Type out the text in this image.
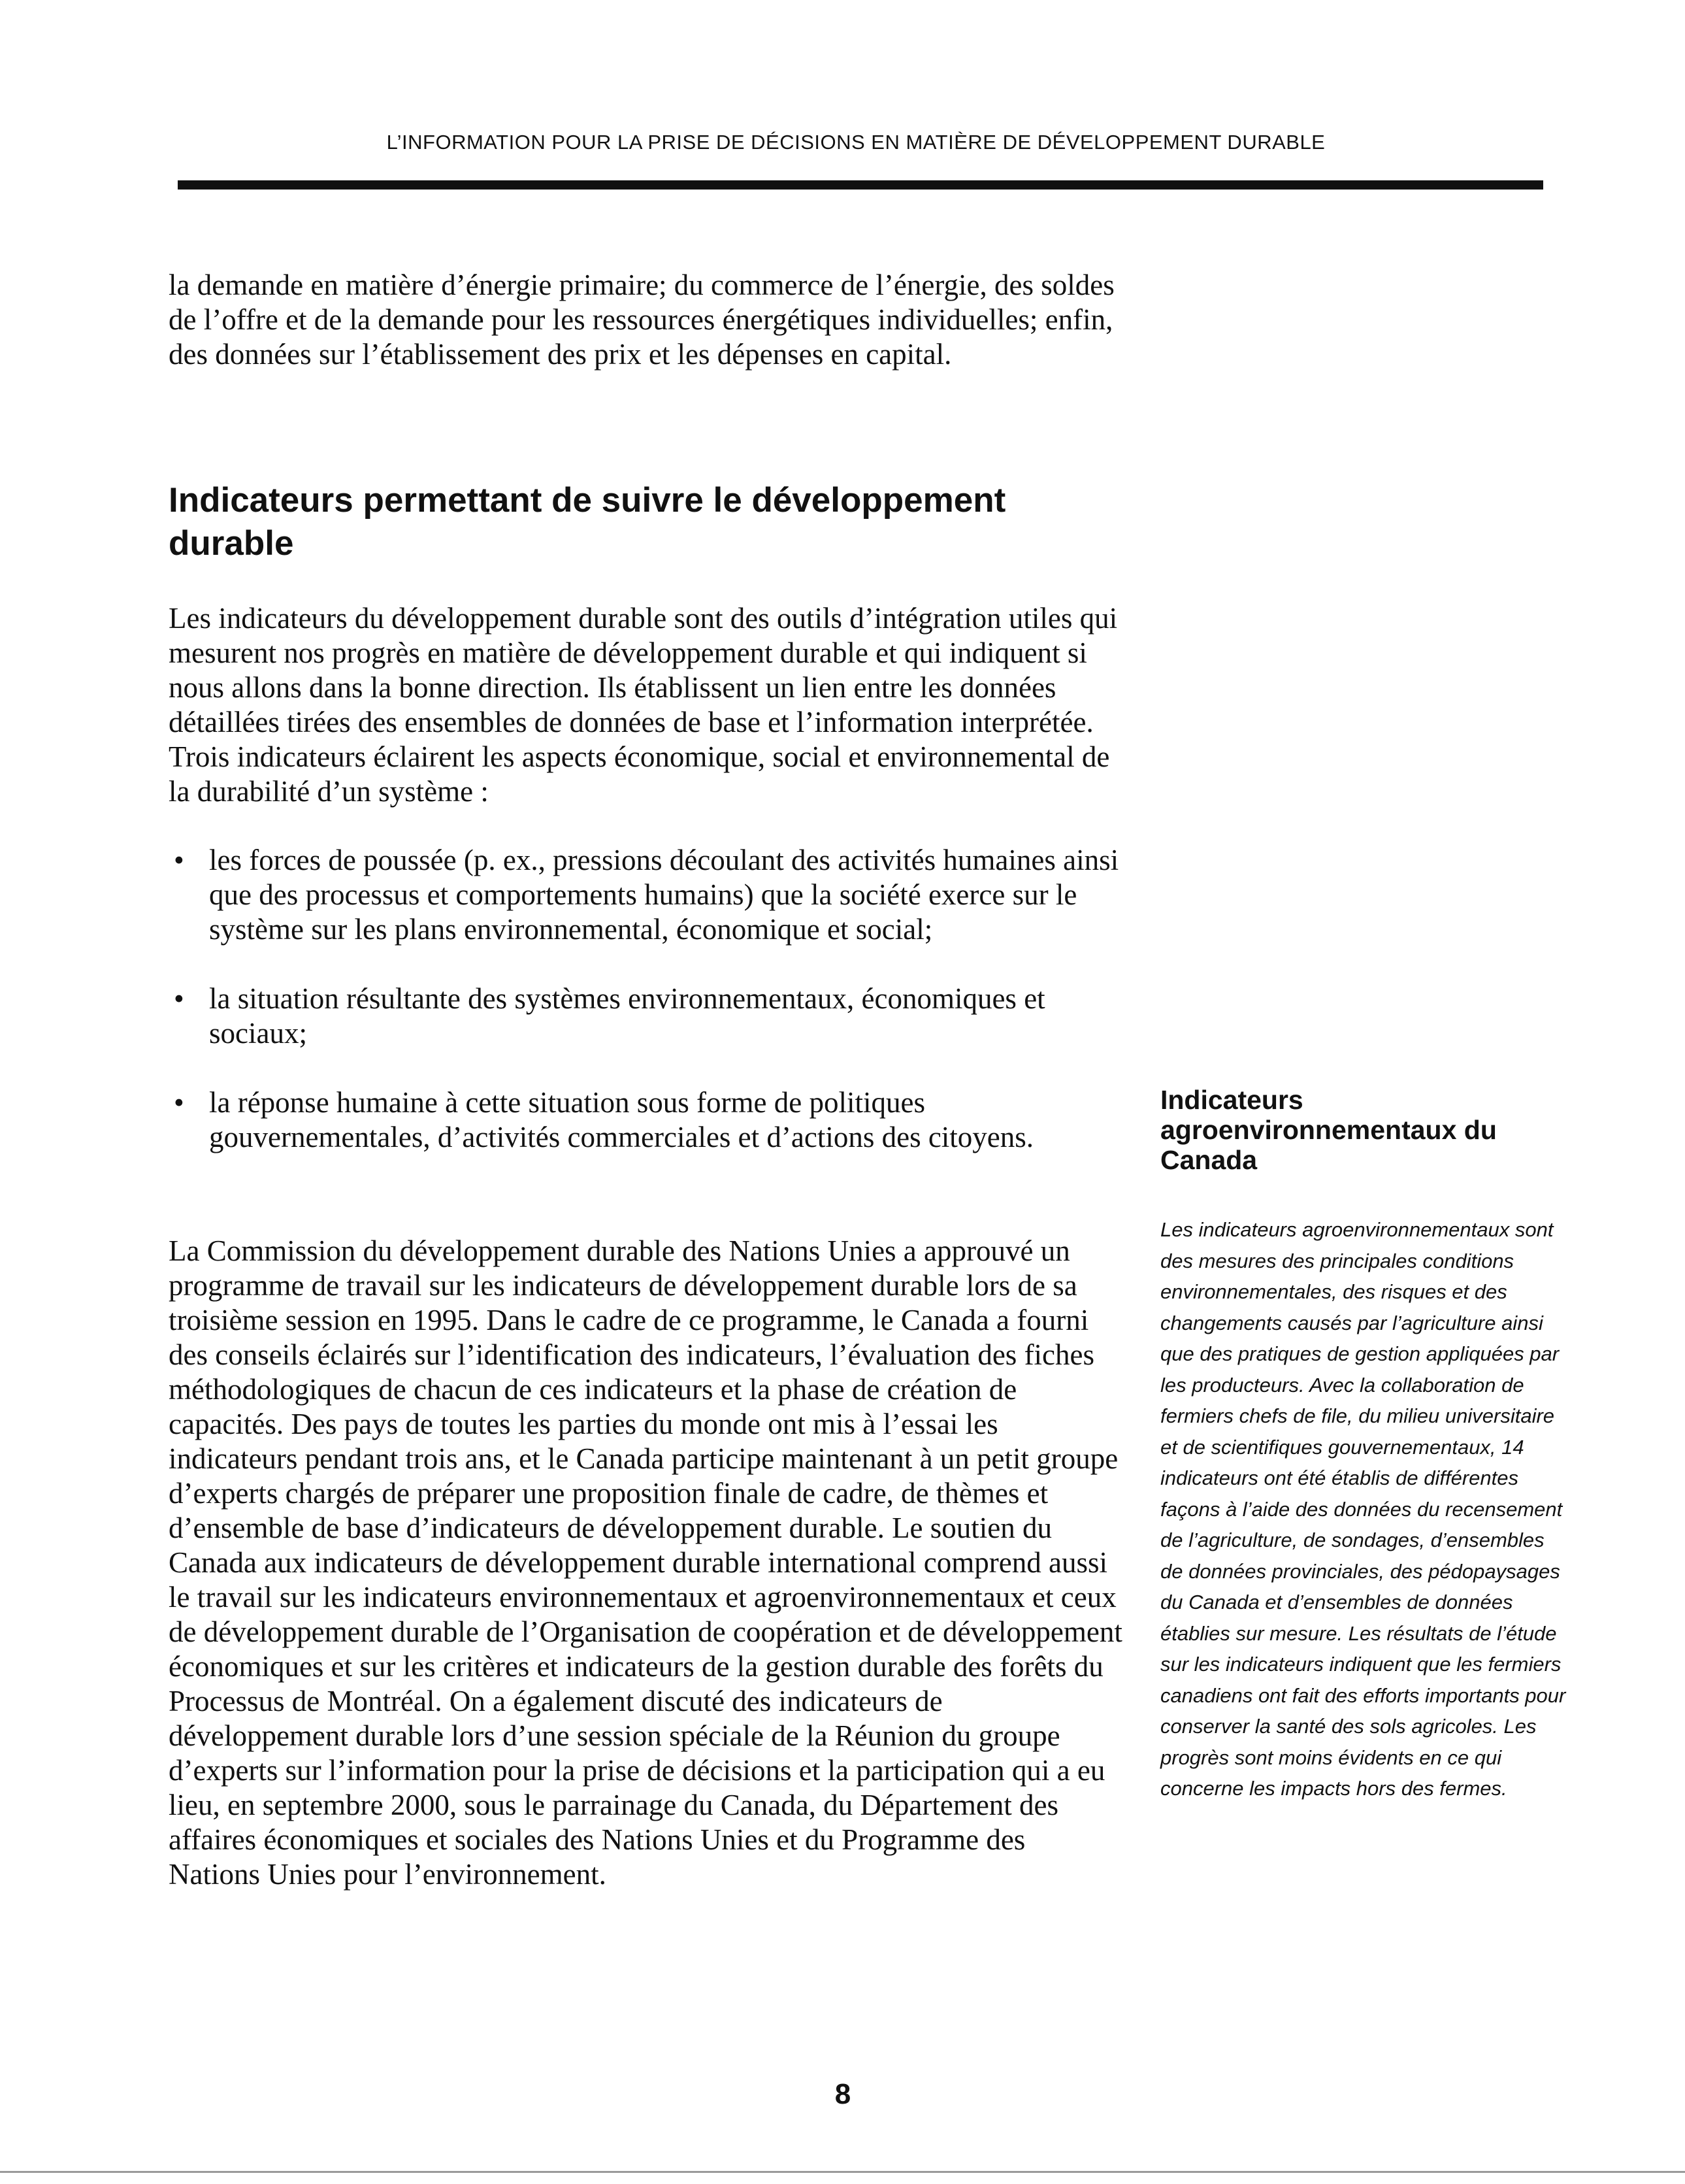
L’INFORMATION POUR LA PRISE DE DÉCISIONS EN MATIÈRE DE DÉVELOPPEMENT DURABLE

la demande en matière d’énergie primaire; du commerce de l’énergie, des soldes de l’offre et de la demande pour les ressources énergétiques individuelles; enfin, des données sur l’établissement des prix et les dépenses en capital.

Indicateurs permettant de suivre le développement durable

Les indicateurs du développement durable sont des outils d’intégration utiles qui mesurent nos progrès en matière de développement durable et qui indiquent si nous allons dans la bonne direction. Ils établissent un lien entre les données détaillées tirées des ensembles de données de base et l’information interprétée. Trois indicateurs éclairent les aspects économique, social et environnemental de la durabilité d’un système :

• les forces de poussée (p. ex., pressions découlant des activités humaines ainsi que des processus et comportements humains) que la société exerce sur le système sur les plans environnemental, économique et social;
• la situation résultante des systèmes environnementaux, économiques et sociaux;
• la réponse humaine à cette situation sous forme de politiques gouvernementales, d’activités commerciales et d’actions des citoyens.

La Commission du développement durable des Nations Unies a approuvé un programme de travail sur les indicateurs de développement durable lors de sa troisième session en 1995. Dans le cadre de ce programme, le Canada a fourni des conseils éclairés sur l’identification des indicateurs, l’évaluation des fiches méthodologiques de chacun de ces indicateurs et la phase de création de capacités. Des pays de toutes les parties du monde ont mis à l’essai les indicateurs pendant trois ans, et le Canada participe maintenant à un petit groupe d’experts chargés de préparer une proposition finale de cadre, de thèmes et d’ensemble de base d’indicateurs de développement durable. Le soutien du Canada aux indicateurs de développement durable international comprend aussi le travail sur les indicateurs environnementaux et agroenvironnementaux et ceux de développement durable de l’Organisation de coopération et de développement économiques et sur les critères et indicateurs de la gestion durable des forêts du Processus de Montréal. On a également discuté des indicateurs de développement durable lors d’une session spéciale de la Réunion du groupe d’experts sur l’information pour la prise de décisions et la participation qui a eu lieu, en septembre 2000, sous le parrainage du Canada, du Département des affaires économiques et sociales des Nations Unies et du Programme des Nations Unies pour l’environnement.

Indicateurs agroenvironnementaux du Canada

Les indicateurs agroenvironnementaux sont des mesures des principales conditions environnementales, des risques et des changements causés par l’agriculture ainsi que des pratiques de gestion appliquées par les producteurs. Avec la collaboration de fermiers chefs de file, du milieu universitaire et de scientifiques gouvernementaux, 14 indicateurs ont été établis de différentes façons à l’aide des données du recensement de l’agriculture, de sondages, d’ensembles de données provinciales, des pédopaysages du Canada et d’ensembles de données établies sur mesure. Les résultats de l’étude sur les indicateurs indiquent que les fermiers canadiens ont fait des efforts importants pour conserver la santé des sols agricoles. Les progrès sont moins évidents en ce qui concerne les impacts hors des fermes.

8
